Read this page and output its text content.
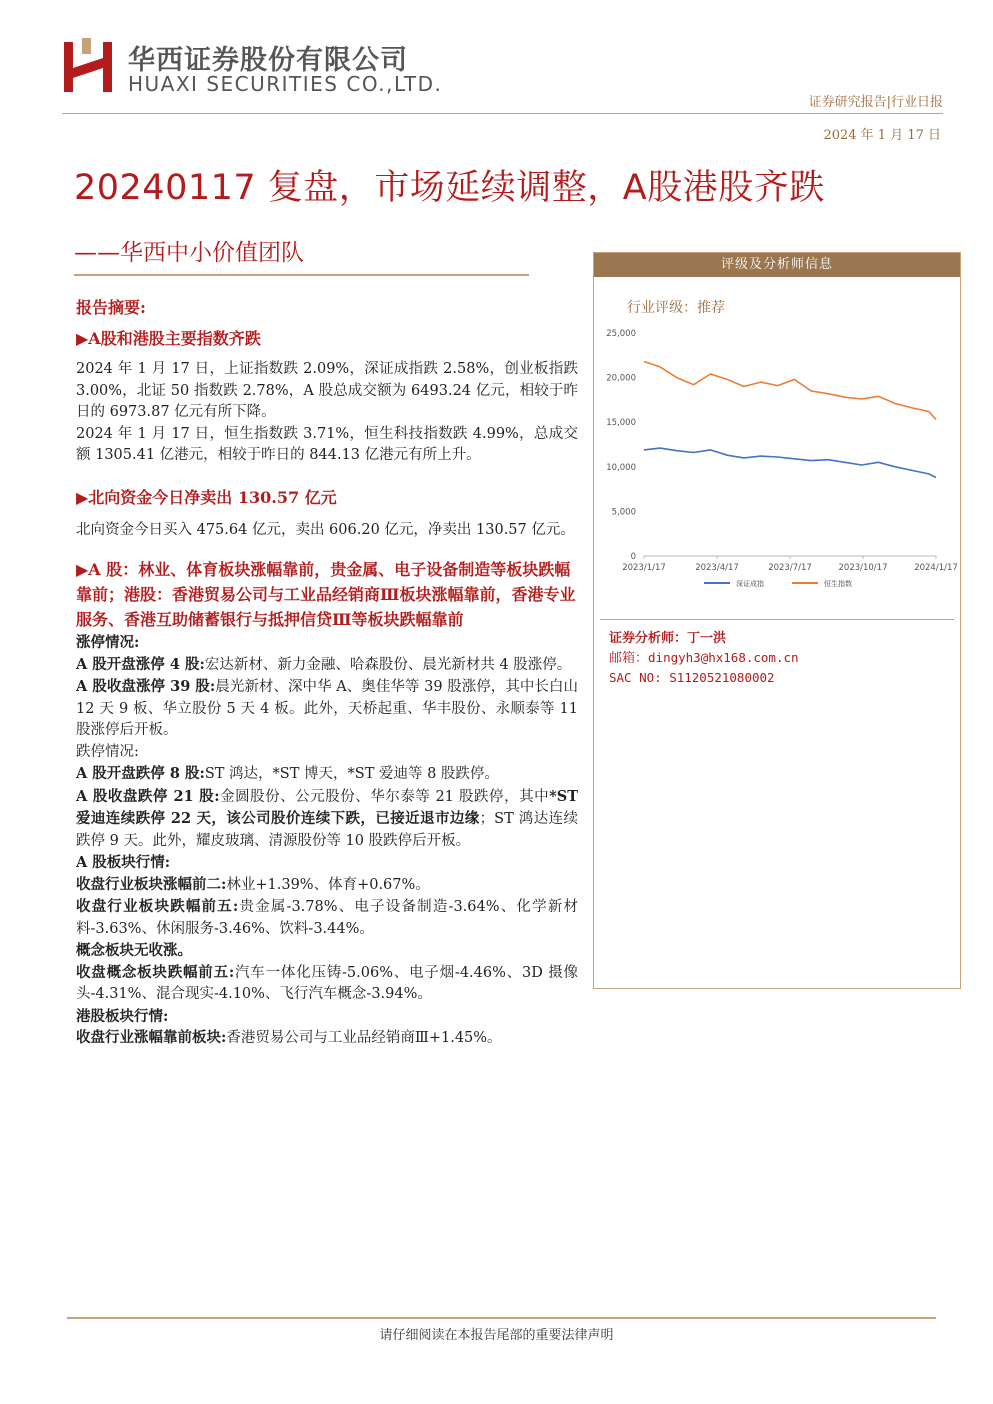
华西证券股份有限公司
HUAXI SECURITIES CO.,LTD.
证券研究报告|行业日报
2024 年 1 月 17 日
20240117 复盘，市场延续调整，A股港股齐跌
——华西中小价值团队
报告摘要:
▶A股和港股主要指数齐跌

2024 年 1 月 17 日，上证指数跌 2.09%，深证成指跌 2.58%，创业板指跌 3.00%，北证 50 指数跌 2.78%，A 股总成交额为 6493.24 亿元，相较于昨日的 6973.87 亿元有所下降。

2024 年 1 月 17 日，恒生指数跌 3.71%，恒生科技指数跌 4.99%，总成交额 1305.41 亿港元，相较于昨日的 844.13 亿港元有所上升。

▶北向资金今日净卖出 130.57 亿元

北向资金今日买入 475.64 亿元，卖出 606.20 亿元，净卖出 130.57 亿元。

▶A 股：林业、体育板块涨幅靠前，贵金属、电子设备制造等板块跌幅靠前；港股：香港贸易公司与工业品经销商Ⅲ板块涨幅靠前，香港专业服务、香港互助储蓄银行与抵押信贷Ⅲ等板块跌幅靠前

涨停情况:

A 股开盘涨停 4 股:宏达新材、新力金融、哈森股份、晨光新材共 4 股涨停。

A 股收盘涨停 39 股:晨光新材、深中华 A、奥佳华等 39 股涨停，其中长白山 12 天 9 板、华立股份 5 天 4 板。此外，天桥起重、华丰股份、永顺泰等 11 股涨停后开板。

跌停情况:

A 股开盘跌停 8 股:ST 鸿达，*ST 博天，*ST 爱迪等 8 股跌停。

A 股收盘跌停 21 股:金圆股份、公元股份、华尔泰等 21 股跌停，其中*ST 爱迪连续跌停 22 天，该公司股价连续下跌，已接近退市边缘；ST 鸿达连续跌停 9 天。此外，耀皮玻璃、清源股份等 10 股跌停后开板。

A 股板块行情:

收盘行业板块涨幅前二:林业+1.39%、体育+0.67%。

收盘行业板块跌幅前五:贵金属-3.78%、电子设备制造-3.64%、化学新材料-3.63%、休闲服务-3.46%、饮料-3.44%。

概念板块无收涨。

收盘概念板块跌幅前五:汽车一体化压铸-5.06%、电子烟-4.46%、3D 摄像头-4.31%、混合现实-4.10%、飞行汽车概念-3.94%。

港股板块行情:

收盘行业涨幅靠前板块:香港贸易公司与工业品经销商Ⅲ+1.45%。

评级及分析师信息
行业评级：推荐
0
5,000
10,000
15,000
20,000
25,000
2023/1/17	2023/4/17	2023/7/17	2023/10/17	2024/1/17
深证成指	恒生指数
证券分析师：丁一洪
邮箱：dingyh3@hx168.com.cn
SAC NO: S1120521080002
请仔细阅读在本报告尾部的重要法律声明
